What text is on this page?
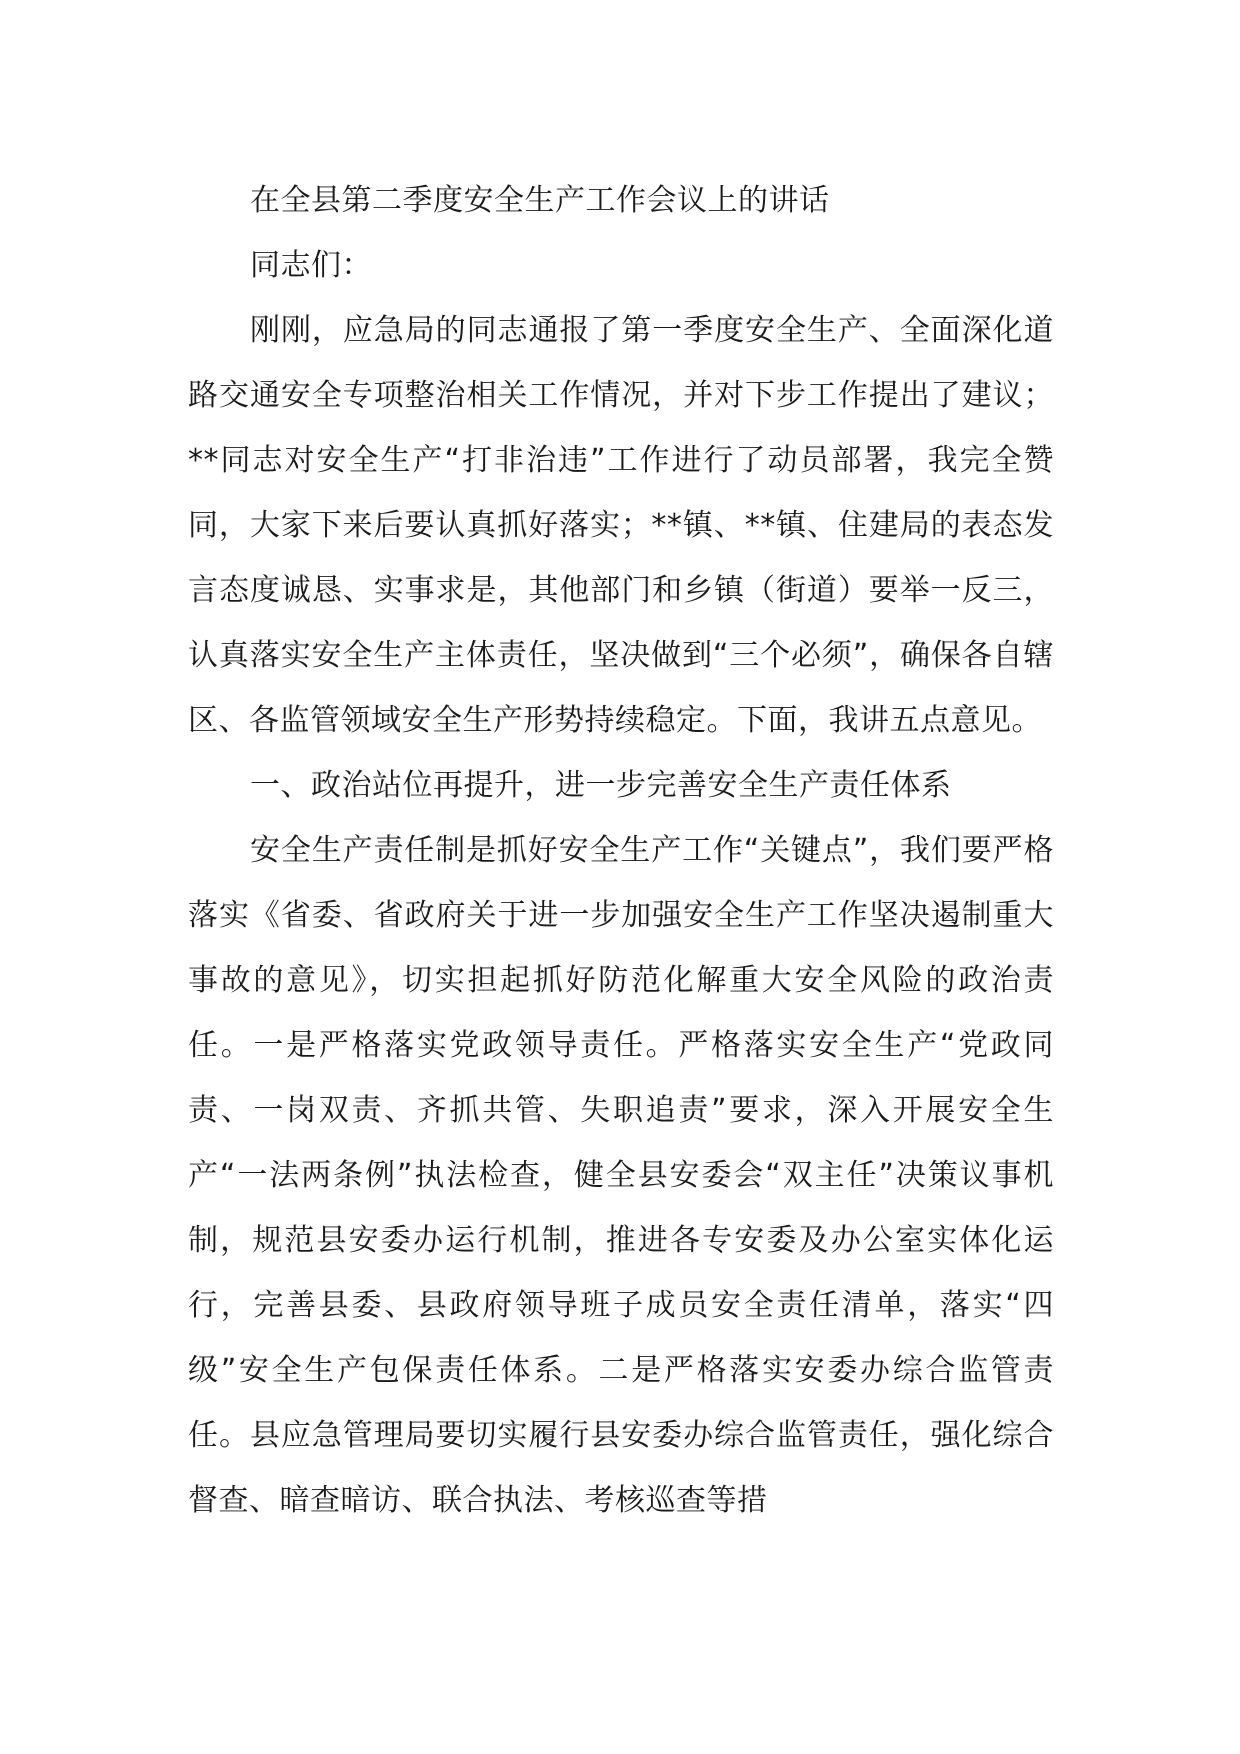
在全县第二季度安全生产工作会议上的讲话

同志们：

刚刚，应急局的同志通报了第一季度安全生产、全面深化道路交通安全专项整治相关工作情况，并对下步工作提出了建议；**同志对安全生产“打非治违”工作进行了动员部署，我完全赞同，大家下来后要认真抓好落实；**镇、**镇、住建局的表态发言态度诚恳、实事求是，其他部门和乡镇（街道）要举一反三，认真落实安全生产主体责任，坚决做到“三个必须”，确保各自辖区、各监管领域安全生产形势持续稳定。下面，我讲五点意见。

一、政治站位再提升，进一步完善安全生产责任体系

安全生产责任制是抓好安全生产工作“关键点”，我们要严格落实《省委、省政府关于进一步加强安全生产工作坚决遏制重大事故的意见》，切实担起抓好防范化解重大安全风险的政治责任。一是严格落实党政领导责任。严格落实安全生产“党政同责、一岗双责、齐抓共管、失职追责”要求，深入开展安全生产“一法两条例”执法检查，健全县安委会“双主任”决策议事机制，规范县安委办运行机制，推进各专安委及办公室实体化运行，完善县委、县政府领导班子成员安全责任清单，落实“四级”安全生产包保责任体系。二是严格落实安委办综合监管责任。县应急管理局要切实履行县安委办综合监管责任，强化综合督查、暗查暗访、联合执法、考核巡查等措
